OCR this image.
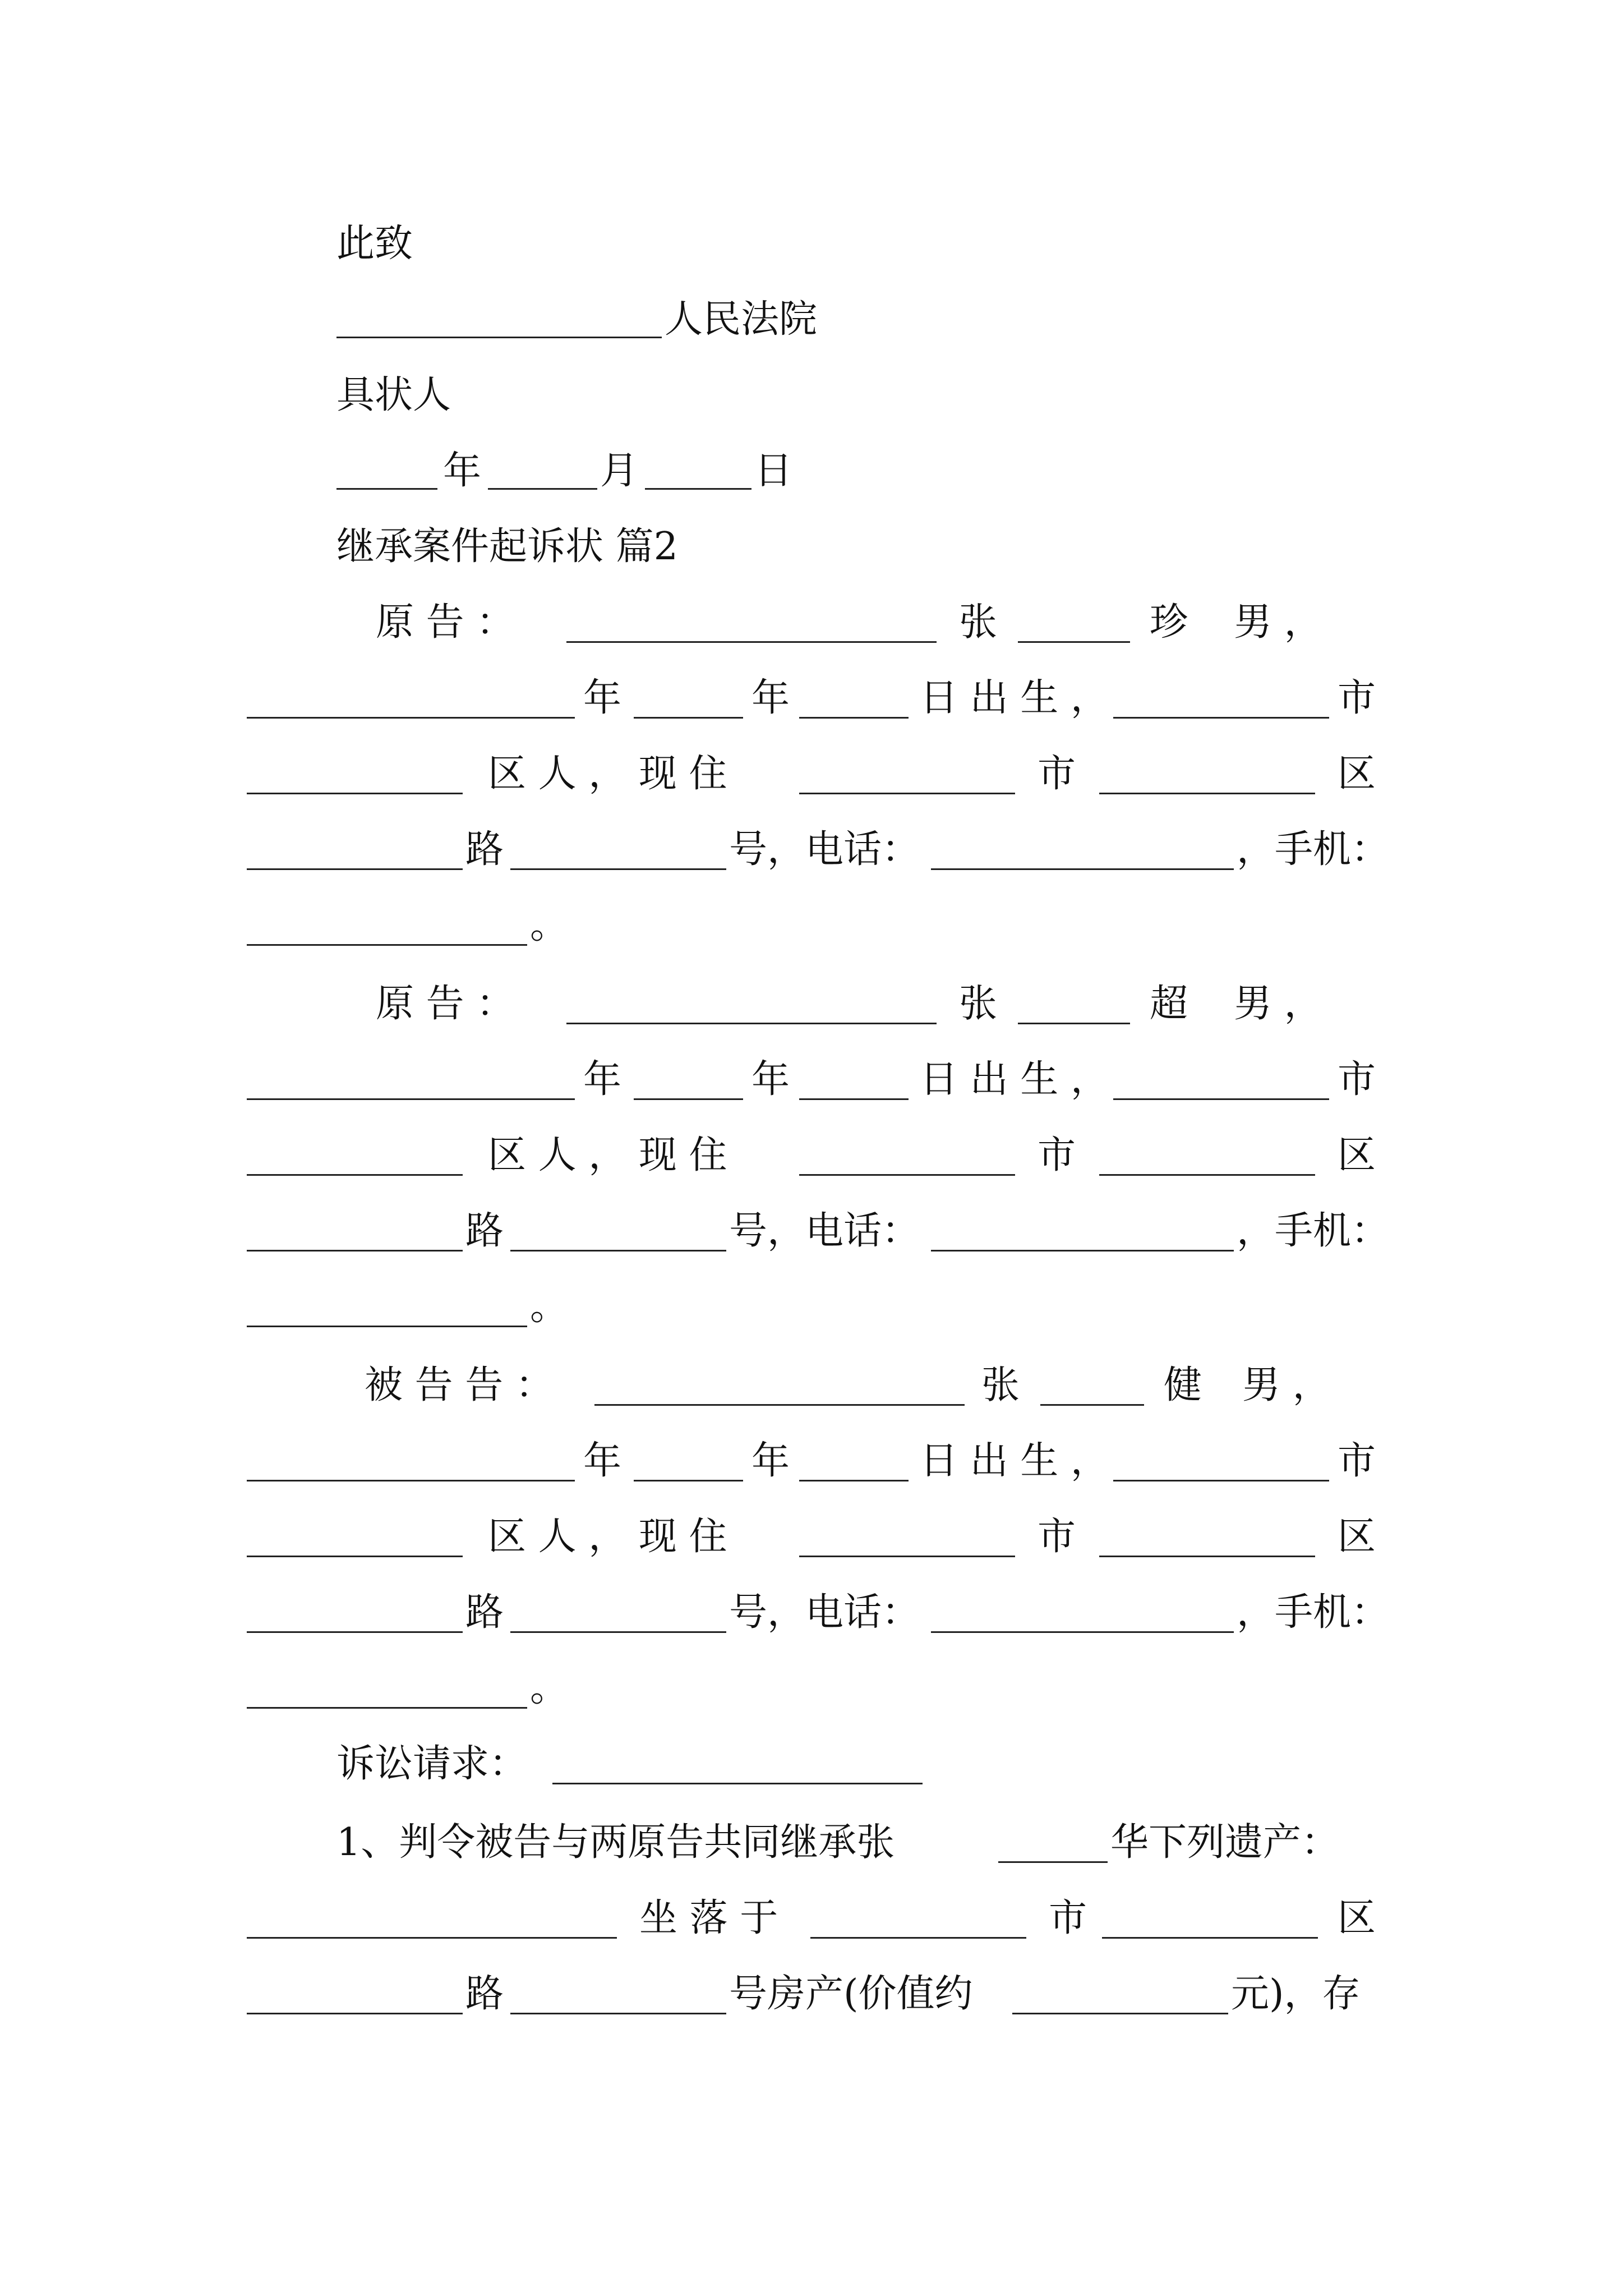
此致
人民法院
具状人
年	月	日
继承案件起诉状 篇2
原 告 ：	张	珍 男 ，
年	年	日 出 生 ，	市
区 人 ， 现 住	市	区
路	号，电话：	，手机：
。
原 告 ：	张	超 男 ，
年	年	日 出 生 ，	市
区 人 ， 现 住	市	区
路	号，电话：	，手机：
。
被 告 告 ：	张	健 男 ，
年	年	日 出 生 ，	市
区 人 ， 现 住	市	区
路	号，电话：	，手机：
。
诉讼请求：
1、判令被告与两原告共同继承张	华下列遗产：
坐 落 于	市	区
路	号房产(价值约	元)，存
